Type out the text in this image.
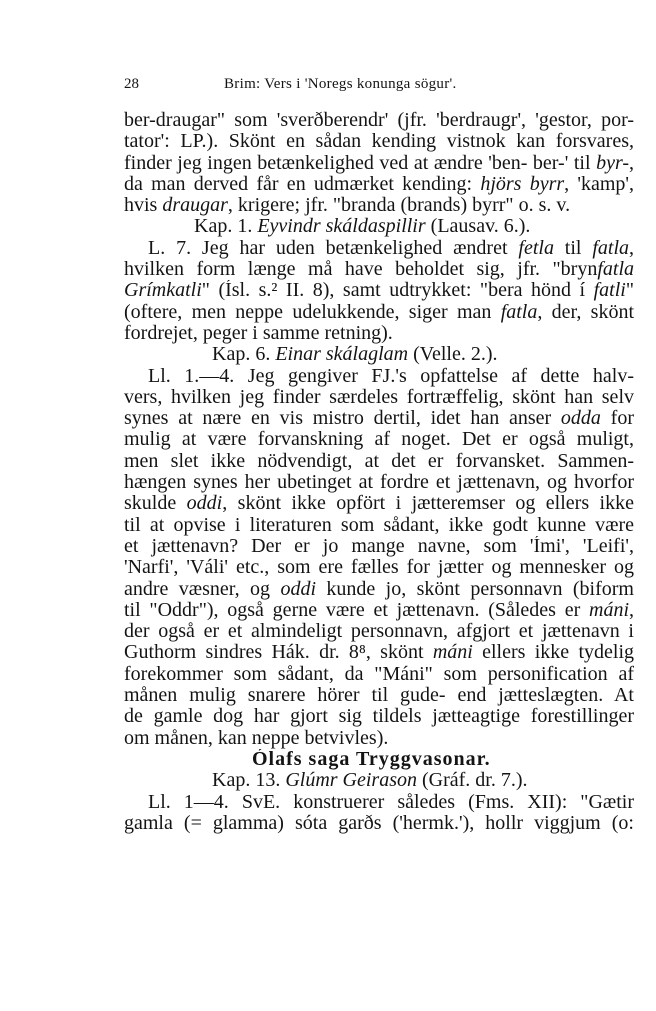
28	Brim: Vers i 'Noregs konunga sögur'.
ber-draugar" som 'sverðberendr' (jfr. 'berdraugr', 'gestor, por-
tator': LP.). Skönt en sådan kending vistnok kan forsvares,
finder jeg ingen betænkelighed ved at ændre 'ben- ber-' til byr-,
da man derved får en udmærket kending: hjörs byrr, 'kamp',
hvis draugar, krigere; jfr. "branda (brands) byrr" o. s. v.
Kap. 1. Eyvindr skáldaspillir (Lausav. 6.).
L. 7. Jeg har uden betænkelighed ændret fetla til fatla,
hvilken form længe må have beholdet sig, jfr. "brynfatla
Grímkatli" (Ísl. s.² II. 8), samt udtrykket: "bera hönd í fatli"
(oftere, men neppe udelukkende, siger man fatla, der, skönt
fordrejet, peger i samme retning).
Kap. 6. Einar skálaglam (Velle. 2.).
Ll. 1.—4. Jeg gengiver FJ.'s opfattelse af dette halv-
vers, hvilken jeg finder særdeles fortræffelig, skönt han selv
synes at nære en vis mistro dertil, idet han anser odda for
mulig at være forvanskning af noget. Det er også muligt,
men slet ikke nödvendigt, at det er forvansket. Sammen-
hængen synes her ubetinget at fordre et jættenavn, og hvorfor
skulde oddi, skönt ikke opfört i jætteremser og ellers ikke
til at opvise i literaturen som sådant, ikke godt kunne være
et jættenavn? Der er jo mange navne, som 'Ími', 'Leifi',
'Narfi', 'Váli' etc., som ere fælles for jætter og mennesker og
andre væsner, og oddi kunde jo, skönt personnavn (biform
til "Oddr"), også gerne være et jættenavn. (Således er máni,
der også er et almindeligt personnavn, afgjort et jættenavn i
Guthorm sindres Hák. dr. 8⁸, skönt máni ellers ikke tydelig
forekommer som sådant, da "Máni" som personification af
månen mulig snarere hörer til gude- end jætteslægten. At
de gamle dog har gjort sig tildels jætteagtige forestillinger
om månen, kan neppe betvivles).
Ólafs saga Tryggvasonar.
Kap. 13. Glúmr Geirason (Gráf. dr. 7.).
Ll. 1—4. SvE. konstruerer således (Fms. XII): "Gætir
gamla (= glamma) sóta garðs ('hermk.'), hollr viggjum (o:
